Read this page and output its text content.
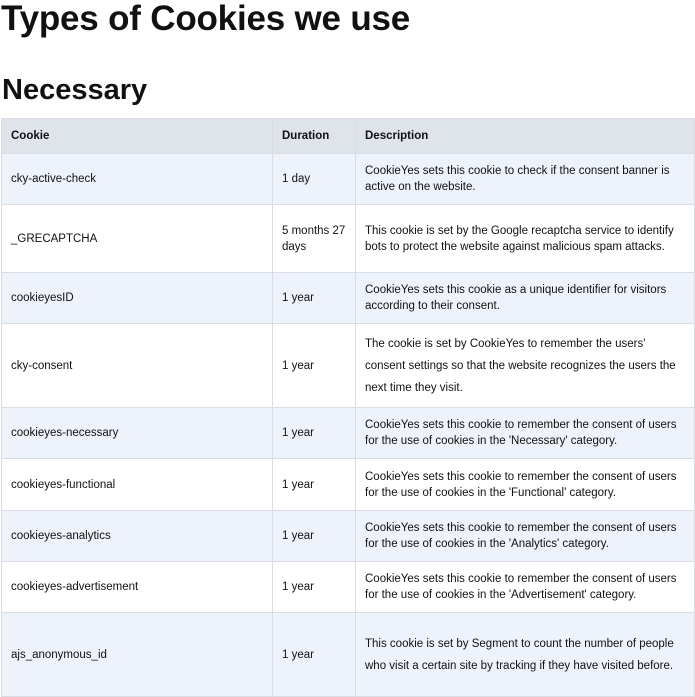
Types of Cookies we use
Necessary
Cookie	Duration	Description
cky-active-check	1 day	CookieYes sets this cookie to check if the consent banner is active on the website.
_GRECAPTCHA	5 months 27 days	This cookie is set by the Google recaptcha service to identify bots to protect the website against malicious spam attacks.
cookieyesID	1 year	CookieYes sets this cookie as a unique identifier for visitors according to their consent.
cky-consent	1 year	The cookie is set by CookieYes to remember the users' consent settings so that the website recognizes the users the next time they visit.
cookieyes-necessary	1 year	CookieYes sets this cookie to remember the consent of users for the use of cookies in the 'Necessary' category.
cookieyes-functional	1 year	CookieYes sets this cookie to remember the consent of users for the use of cookies in the 'Functional' category.
cookieyes-analytics	1 year	CookieYes sets this cookie to remember the consent of users for the use of cookies in the 'Analytics' category.
cookieyes-advertisement	1 year	CookieYes sets this cookie to remember the consent of users for the use of cookies in the 'Advertisement' category.
ajs_anonymous_id	1 year	This cookie is set by Segment to count the number of people who visit a certain site by tracking if they have visited before.
